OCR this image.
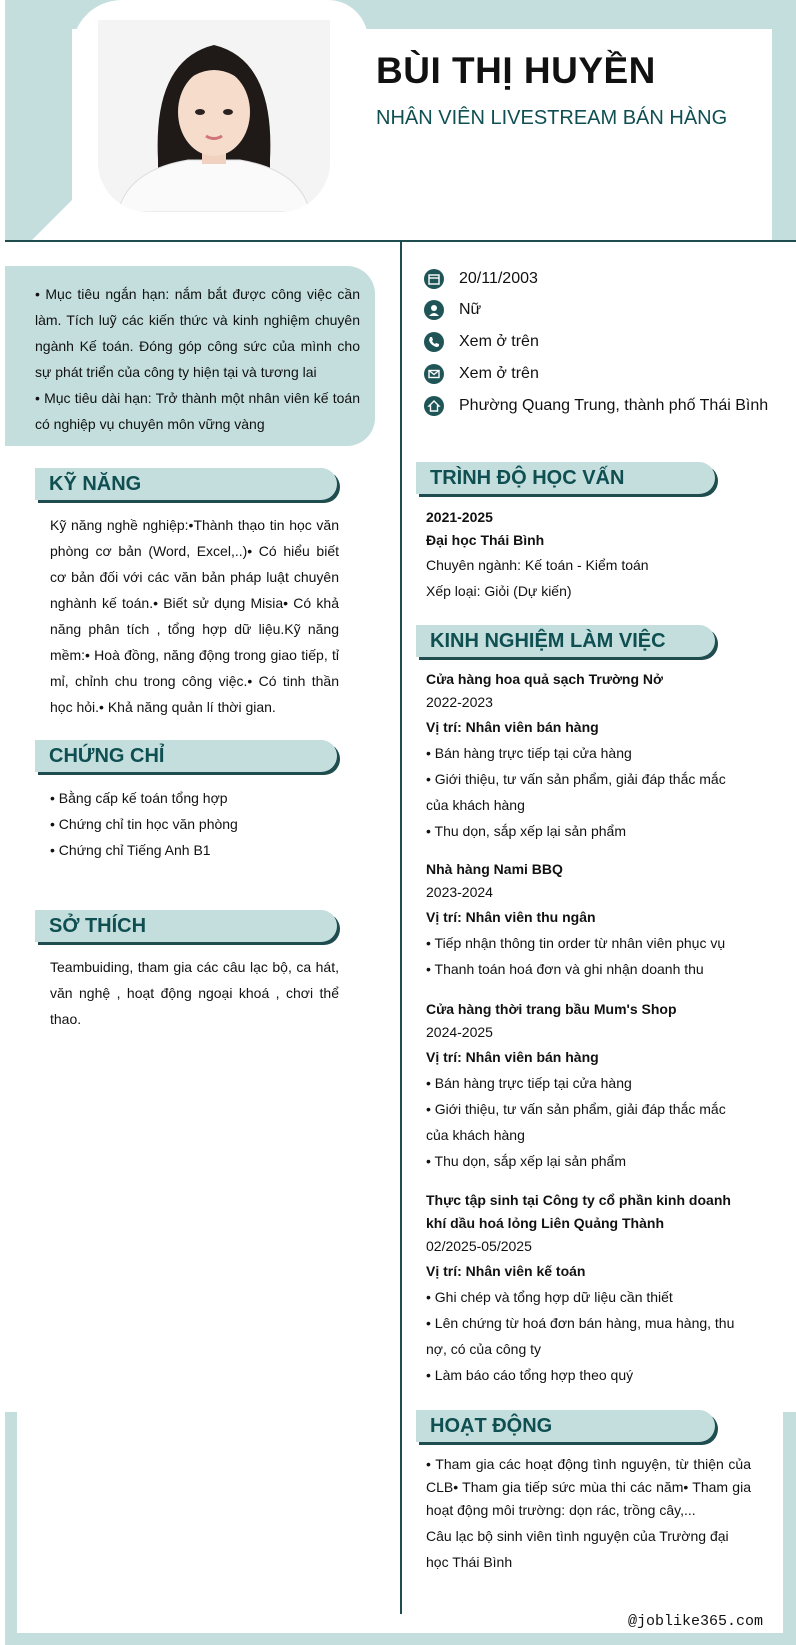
BÙI THỊ HUYỀN
NHÂN VIÊN LIVESTREAM BÁN HÀNG

• Mục tiêu ngắn hạn: nắm bắt được công việc cần làm. Tích luỹ các kiến thức và kinh nghiệm chuyên ngành Kế toán. Đóng góp công sức của mình cho sự phát triển của công ty hiện tại và tương lai

• Mục tiêu dài hạn: Trở thành một nhân viên kế toán có nghiệp vụ chuyên môn vững vàng

20/11/2003
Nữ
Xem ở trên
Xem ở trên
Phường Quang Trung, thành phố Thái Bình
KỸ NĂNG
Kỹ năng nghề nghiệp:•Thành thạo tin học văn phòng cơ bản (Word, Excel,..)• Có hiểu biết cơ bản đối với các văn bản pháp luật chuyên nghành kế toán.• Biết sử dụng Misia• Có khả năng phân tích , tổng hợp dữ liệu.Kỹ năng mềm:• Hoà đồng, năng động trong giao tiếp, tỉ mỉ, chỉnh chu trong công việc.• Có tinh thần học hỏi.• Khả năng quản lí thời gian.
CHỨNG CHỈ
• Bằng cấp kế toán tổng hợp
• Chứng chỉ tin học văn phòng
• Chứng chỉ Tiếng Anh B1
SỞ THÍCH
Teambuiding, tham gia các câu lạc bộ, ca hát, văn nghệ , hoạt động ngoại khoá , chơi thể thao.
TRÌNH ĐỘ HỌC VẤN
2021-2025
Đại học Thái Bình
Chuyên ngành: Kế toán - Kiểm toán
Xếp loại: Giỏi (Dự kiến)
KINH NGHIỆM LÀM VIỆC
Cửa hàng hoa quả sạch Trường Nở
2022-2023
Vị trí: Nhân viên bán hàng
• Bán hàng trực tiếp tại cửa hàng
• Giới thiệu, tư vấn sản phẩm, giải đáp thắc mắc của khách hàng
• Thu dọn, sắp xếp lại sản phẩm
Nhà hàng Nami BBQ
2023-2024
Vị trí: Nhân viên thu ngân
• Tiếp nhận thông tin order từ nhân viên phục vụ
• Thanh toán hoá đơn và ghi nhận doanh thu
Cửa hàng thời trang bầu Mum's Shop
2024-2025
Vị trí: Nhân viên bán hàng
• Bán hàng trực tiếp tại cửa hàng
• Giới thiệu, tư vấn sản phẩm, giải đáp thắc mắc của khách hàng
• Thu dọn, sắp xếp lại sản phẩm
Thực tập sinh tại Công ty cổ phần kinh doanh khí dầu hoá lỏng Liên Quảng Thành
02/2025-05/2025
Vị trí: Nhân viên kế toán
• Ghi chép và tổng hợp dữ liệu cần thiết
• Lên chứng từ hoá đơn bán hàng, mua hàng, thu nợ, có của công ty
• Làm báo cáo tổng hợp theo quý
HOẠT ĐỘNG
• Tham gia các hoạt động tình nguyện, từ thiện của CLB• Tham gia tiếp sức mùa thi các năm• Tham gia hoạt động môi trường: dọn rác, trồng cây,...
Câu lạc bộ sinh viên tình nguyện của Trường đại học Thái Bình
@joblike365.com
